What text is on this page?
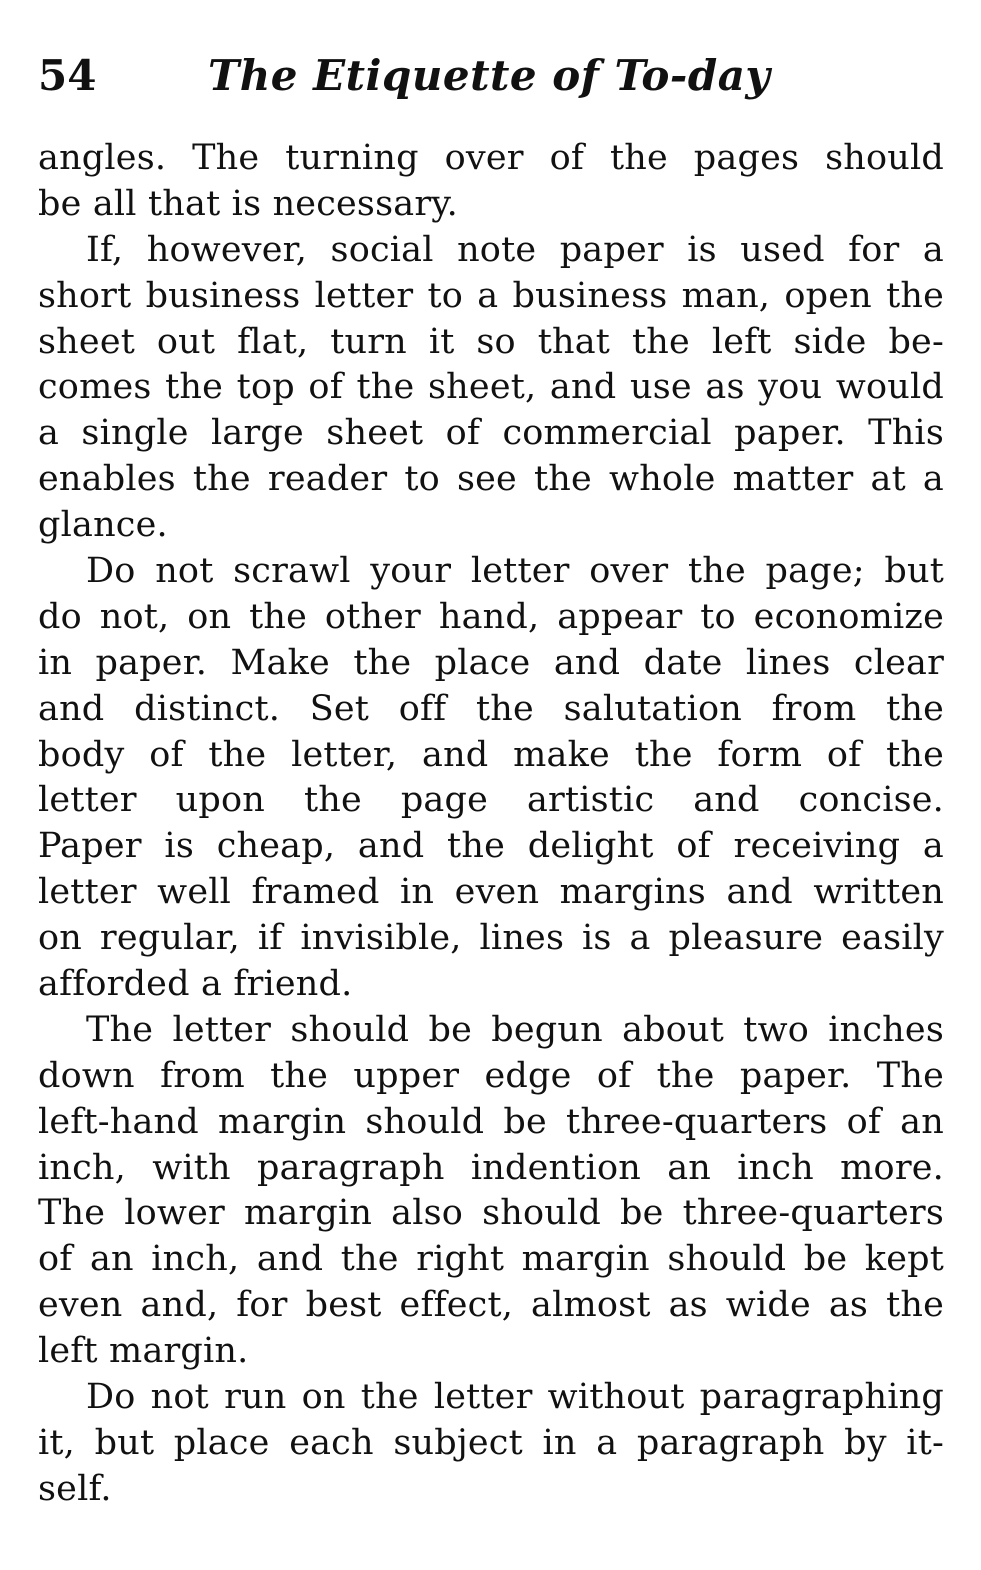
54	The Etiquette of To-day
angles. The turning over of the pages should
be all that is necessary.
If, however, social note paper is used for a
short business letter to a business man, open the
sheet out flat, turn it so that the left side be-
comes the top of the sheet, and use as you would
a single large sheet of commercial paper. This
enables the reader to see the whole matter at a
glance.
Do not scrawl your letter over the page; but
do not, on the other hand, appear to economize
in paper. Make the place and date lines clear
and distinct. Set off the salutation from the
body of the letter, and make the form of the
letter upon the page artistic and concise.
Paper is cheap, and the delight of receiving a
letter well framed in even margins and written
on regular, if invisible, lines is a pleasure easily
afforded a friend.
The letter should be begun about two inches
down from the upper edge of the paper. The
left-hand margin should be three-quarters of an
inch, with paragraph indention an inch more.
The lower margin also should be three-quarters
of an inch, and the right margin should be kept
even and, for best effect, almost as wide as the
left margin.
Do not run on the letter without paragraphing
it, but place each subject in a paragraph by it-
self.
